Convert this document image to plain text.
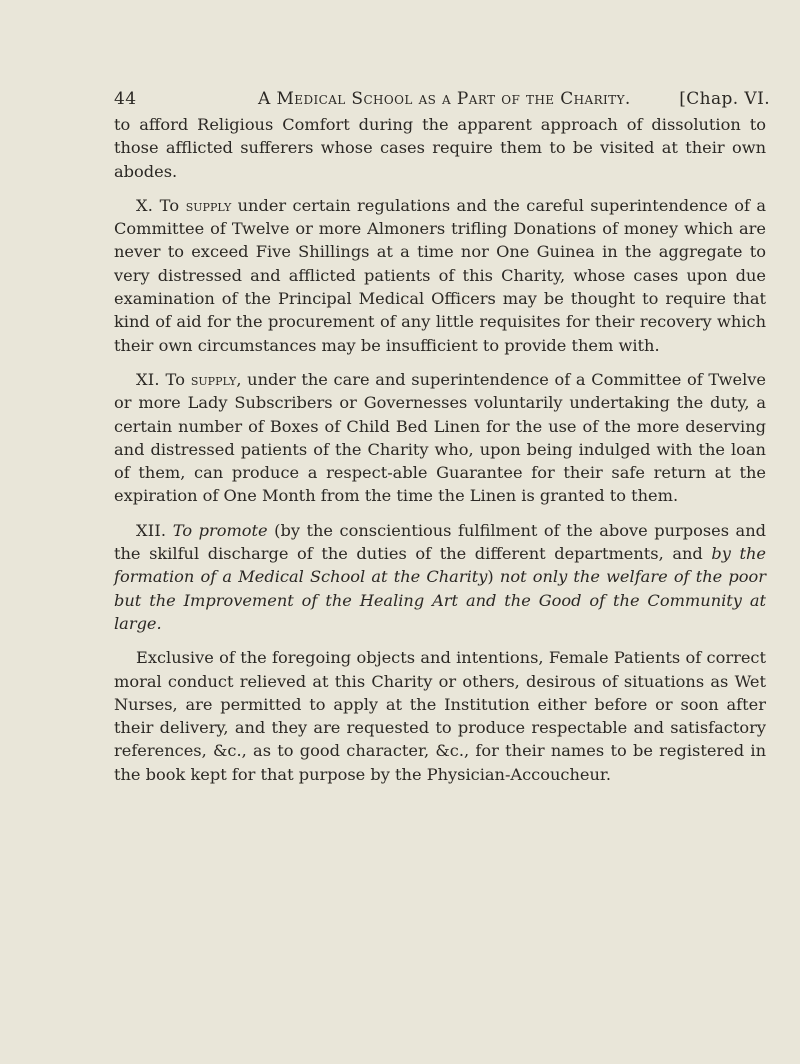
44	A Medical School as a Part of the Charity.	[Chap. VI.

to afford Religious Comfort during the apparent approach of dissolution to those afflicted sufferers whose cases require them to be visited at their own abodes.

X. To supply under certain regulations and the careful superintendence of a Committee of Twelve or more Almoners trifling Donations of money which are never to exceed Five Shillings at a time nor One Guinea in the aggregate to very distressed and afflicted patients of this Charity, whose cases upon due examination of the Principal Medical Officers may be thought to require that kind of aid for the procurement of any little requisites for their recovery which their own circumstances may be insufficient to provide them with.

XI. To supply, under the care and superintendence of a Committee of Twelve or more Lady Subscribers or Governesses voluntarily undertaking the duty, a certain number of Boxes of Child Bed Linen for the use of the more deserving and distressed patients of the Charity who, upon being indulged with the loan of them, can produce a respect-able Guarantee for their safe return at the expiration of One Month from the time the Linen is granted to them.

XII. To promote (by the conscientious fulfilment of the above purposes and the skilful discharge of the duties of the different departments, and by the formation of a Medical School at the Charity) not only the welfare of the poor but the Improvement of the Healing Art and the Good of the Community at large.

Exclusive of the foregoing objects and intentions, Female Patients of correct moral conduct relieved at this Charity or others, desirous of situations as Wet Nurses, are permitted to apply at the Institution either before or soon after their delivery, and they are requested to produce respectable and satisfactory references, &c., as to good character, &c., for their names to be registered in the book kept for that purpose by the Physician-Accoucheur.
